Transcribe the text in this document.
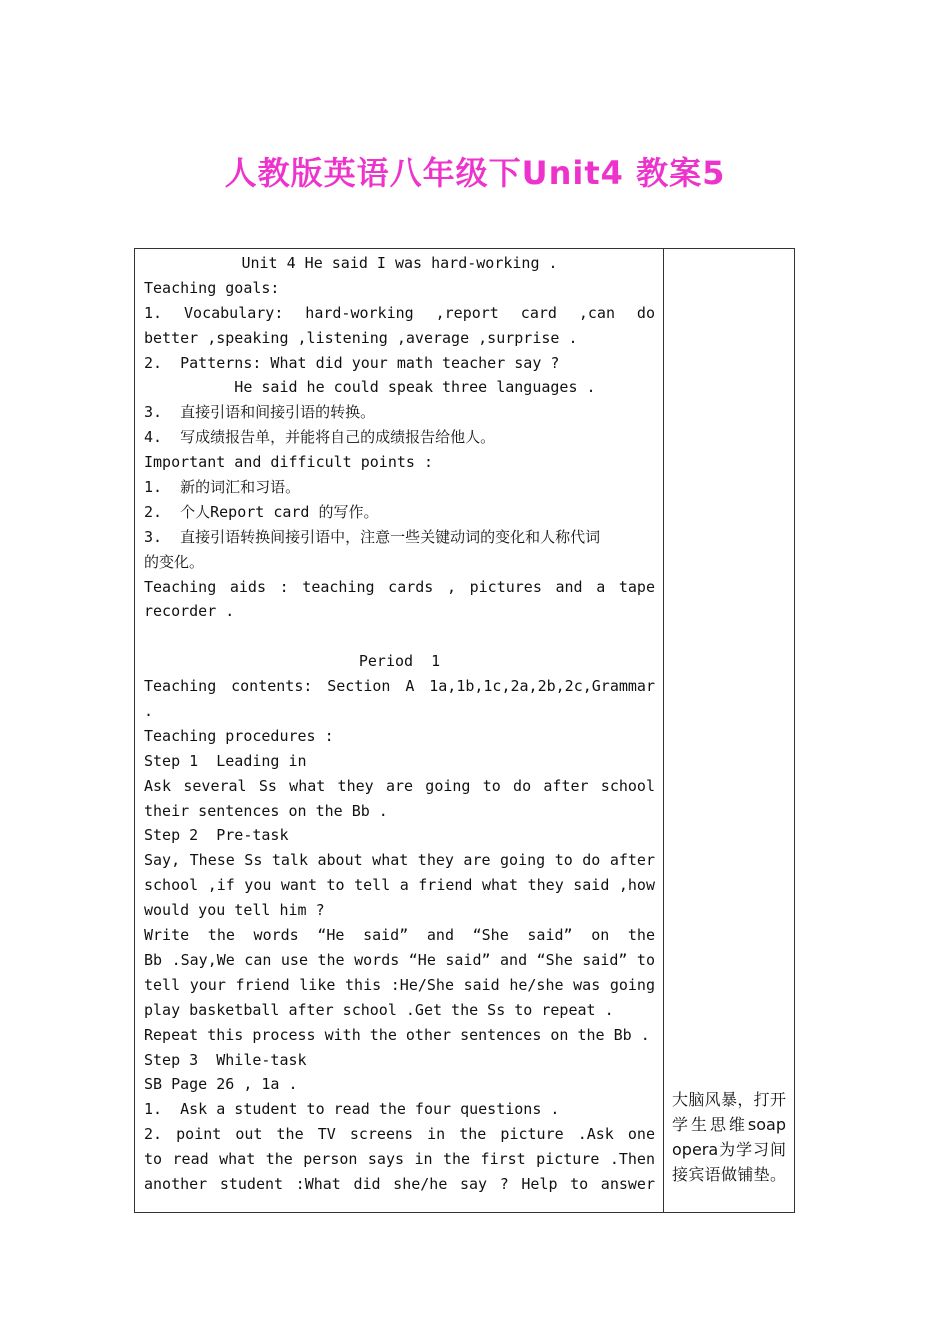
人教版英语八年级下Unit4 教案5
Unit 4 He said I was hard-working .
Teaching goals:
1. Vocabulary: hard-working ,report card ,can do
better ,speaking ,listening ,average ,surprise .
2.  Patterns: What did your math teacher say ?
He said he could speak three languages .
3.  直接引语和间接引语的转换。
4.  写成绩报告单，并能将自己的成绩报告给他人。
Important and difficult points :
1.  新的词汇和习语。
2.  个人Report card 的写作。
3.  直接引语转换间接引语中，注意一些关键动词的变化和人称代词
的变化。
Teaching aids : teaching cards , pictures and a tape
recorder .
Period  1
Teaching contents: Section A 1a,1b,1c,2a,2b,2c,Grammar
.
Teaching procedures :
Step 1  Leading in
Ask several Ss what they are going to do after school
their sentences on the Bb .
Step 2  Pre-task
Say, These Ss talk about what they are going to do after
school ,if you want to tell a friend what they said ,how
would you tell him ?
Write the words “He said” and “She said” on the
Bb .Say,We can use the words “He said” and “She said” to
tell your friend like this :He/She said he/she was going
play basketball after school .Get the Ss to repeat .
Repeat this process with the other sentences on the Bb .
Step 3  While-task
SB Page 26 , 1a .
1.  Ask a student to read the four questions .
2. point out the TV screens in the picture .Ask one
to read what the person says in the first picture .Then
another student :What did she/he say ? Help to answer
大脑风暴，打开学生思维soap opera为学习间接宾语做铺垫。
